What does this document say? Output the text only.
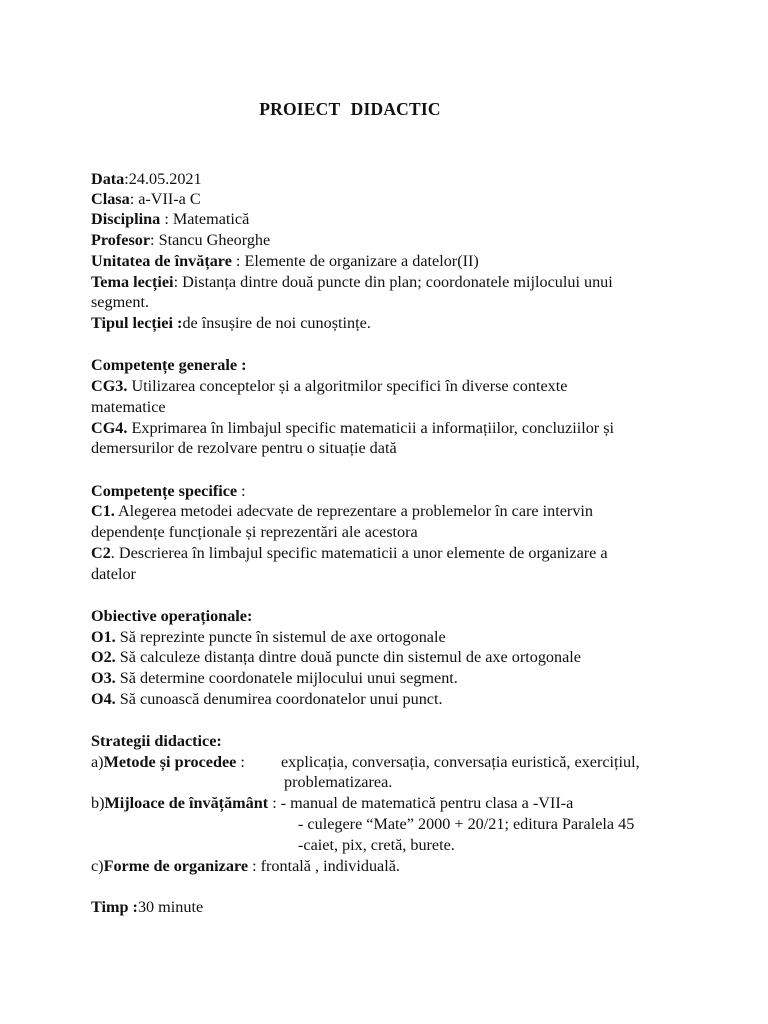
PROIECT DIDACTIC
Data:24.05.2021
Clasa: a-VII-a C
Disciplina : Matematică
Profesor: Stancu Gheorghe
Unitatea de învățare : Elemente de organizare a datelor(II)
Tema lecției: Distanța dintre două puncte din plan; coordonatele mijlocului unui
segment.
Tipul lecției :de însușire de noi cunoștințe.
Competențe generale :
CG3. Utilizarea conceptelor și a algoritmilor specifici în diverse contexte
matematice
CG4. Exprimarea în limbajul specific matematicii a informațiilor, concluziilor și
demersurilor de rezolvare pentru o situație dată
Competențe specifice :
C1. Alegerea metodei adecvate de reprezentare a problemelor în care intervin
dependențe funcționale și reprezentări ale acestora
C2. Descrierea în limbajul specific matematicii a unor elemente de organizare a
datelor
Obiective operaționale:
O1. Să reprezinte puncte în sistemul de axe ortogonale
O2. Să calculeze distanța dintre două puncte din sistemul de axe ortogonale
O3. Să determine coordonatele mijlocului unui segment.
O4. Să cunoască denumirea coordonatelor unui punct.
Strategii didactice:
a)Metode și procedee : explicația, conversația, conversația euristică, exercițiul,
problematizarea.
b)Mijloace de învățământ : - manual de matematică pentru clasa a -VII-a
- culegere “Mate” 2000 + 20/21; editura Paralela 45
-caiet, pix, cretă, burete.
c)Forme de organizare : frontală , individuală.
Timp :30 minute
